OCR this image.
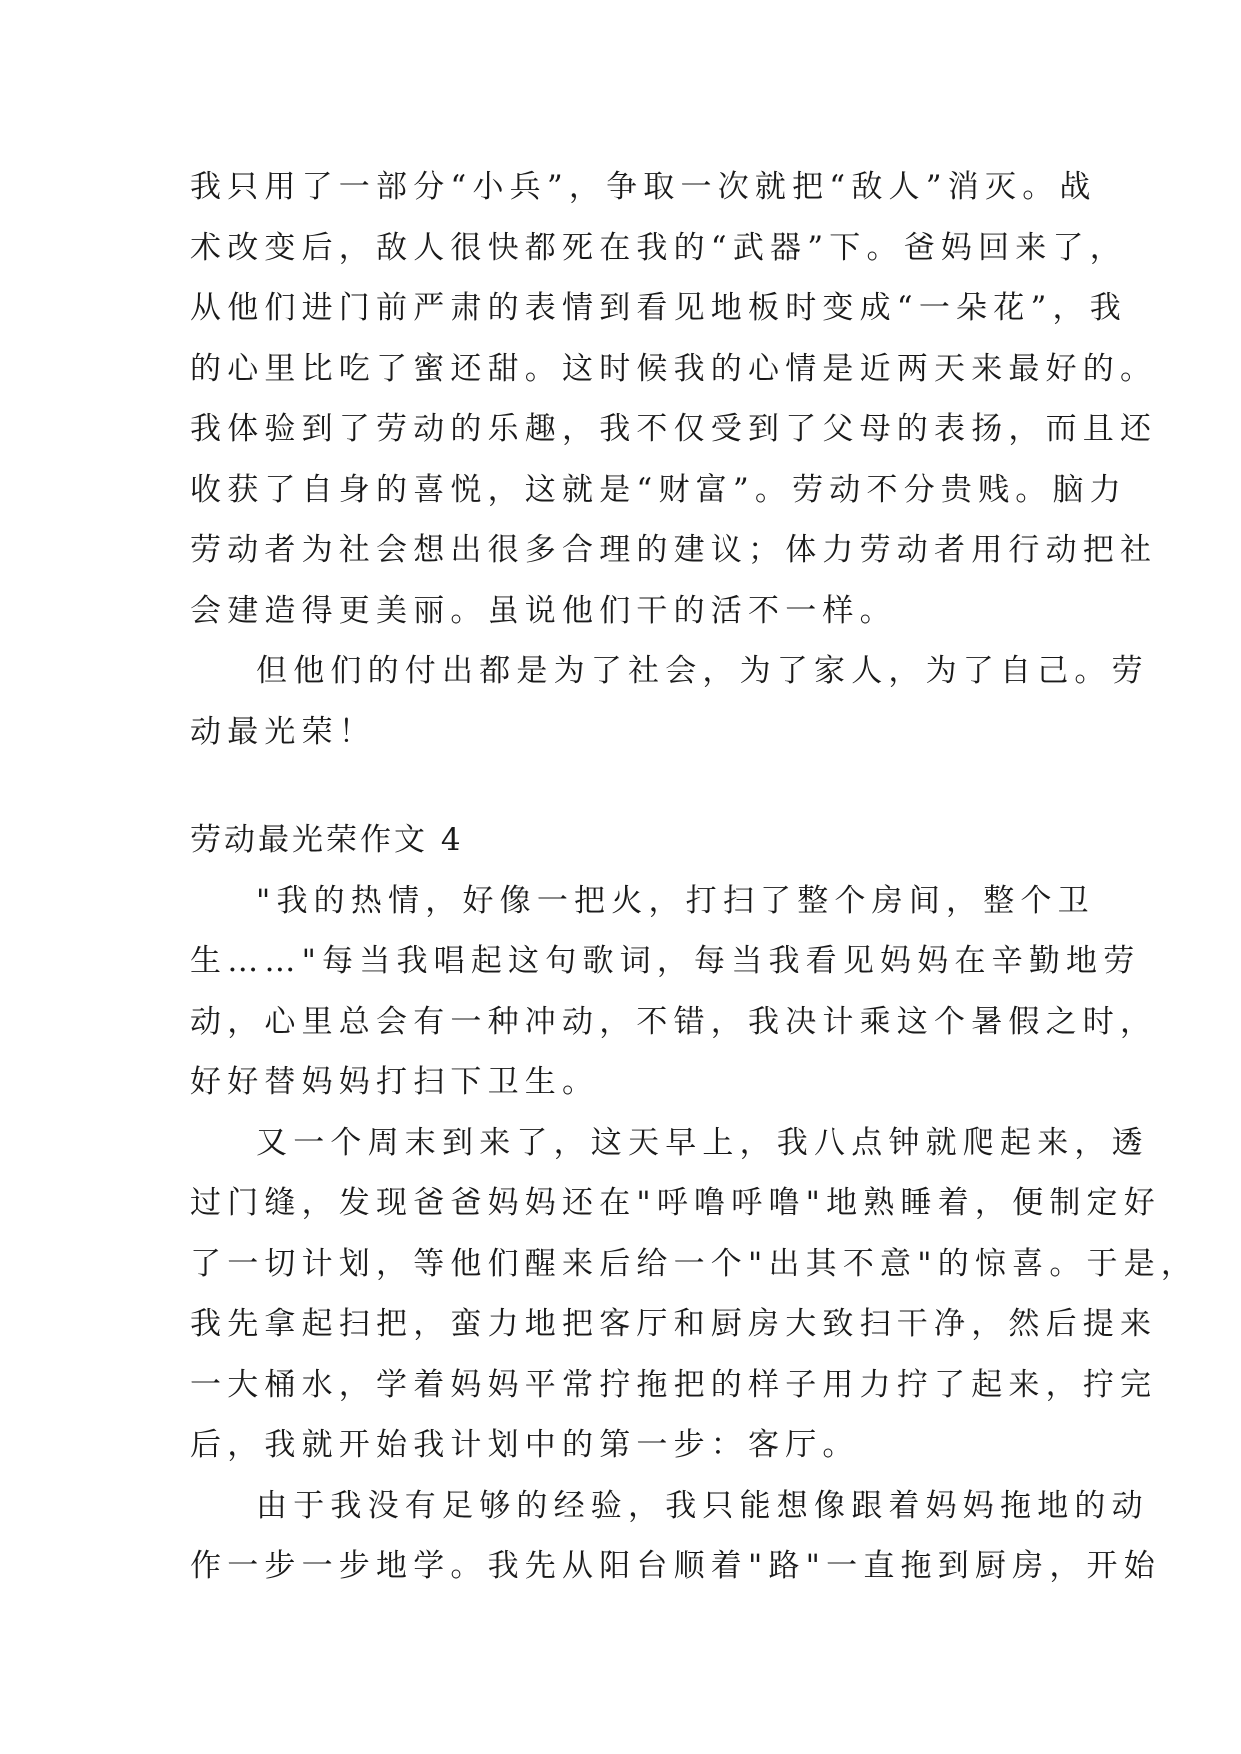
我只用了一部分“小兵”，争取一次就把“敌人”消灭。战
术改变后，敌人很快都死在我的“武器”下。爸妈回来了，
从他们进门前严肃的表情到看见地板时变成“一朵花”，我
的心里比吃了蜜还甜。这时候我的心情是近两天来最好的。
我体验到了劳动的乐趣，我不仅受到了父母的表扬，而且还
收获了自身的喜悦，这就是“财富”。劳动不分贵贱。脑力
劳动者为社会想出很多合理的建议；体力劳动者用行动把社
会建造得更美丽。虽说他们干的活不一样。
但他们的付出都是为了社会，为了家人，为了自己。劳
动最光荣！
劳动最光荣作文 4
"我的热情，好像一把火，打扫了整个房间，整个卫
生……"每当我唱起这句歌词，每当我看见妈妈在辛勤地劳
动，心里总会有一种冲动，不错，我决计乘这个暑假之时，
好好替妈妈打扫下卫生。
又一个周末到来了，这天早上，我八点钟就爬起来，透
过门缝，发现爸爸妈妈还在"呼噜呼噜"地熟睡着，便制定好
了一切计划，等他们醒来后给一个"出其不意"的惊喜。于是，
我先拿起扫把，蛮力地把客厅和厨房大致扫干净，然后提来
一大桶水，学着妈妈平常拧拖把的样子用力拧了起来，拧完
后，我就开始我计划中的第一步：客厅。
由于我没有足够的经验，我只能想像跟着妈妈拖地的动
作一步一步地学。我先从阳台顺着"路"一直拖到厨房，开始
